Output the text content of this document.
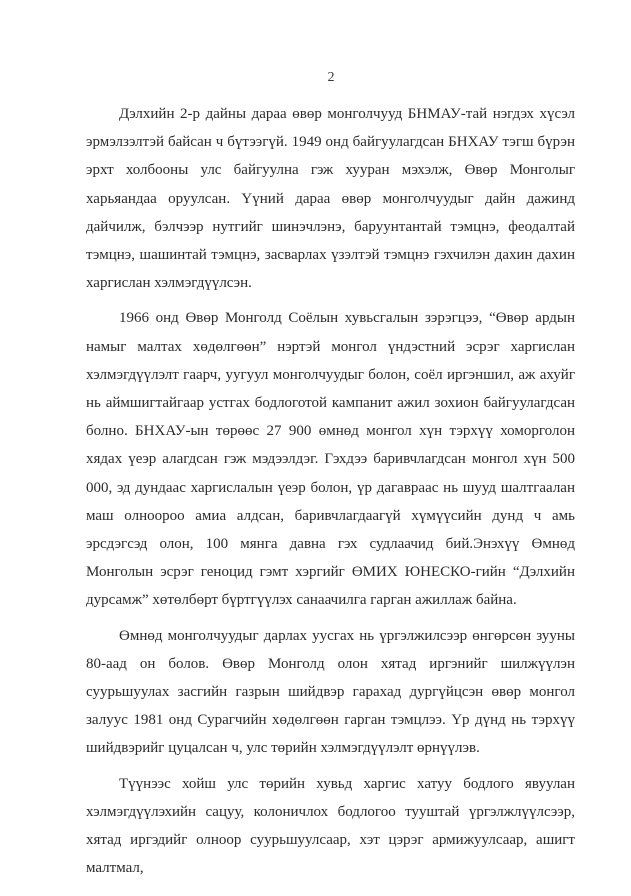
2

Дэлхийн 2-р дайны дараа өвөр монголчууд БНМАУ-тай нэгдэх хүсэл эрмэлзэлтэй байсан ч бүтээгүй. 1949 онд байгуулагдсан БНХАУ тэгш бүрэн эрхт холбооны улс байгуулна гэж хууран мэхэлж, Өвөр Монголыг харьяандаа оруулсан. Үүний дараа өвөр монголчуудыг дайн дажинд дайчилж, бэлчээр нутгийг шинэчлэнэ, баруунтантай тэмцнэ, феодалтай тэмцнэ, шашинтай тэмцнэ, засварлах үзэлтэй тэмцнэ гэхчилэн дахин дахин харгислан хэлмэгдүүлсэн.

1966 онд Өвөр Монголд Соёлын хувьсгалын зэрэгцээ, “Өвөр ардын намыг малтах хөдөлгөөн” нэртэй монгол үндэстний эсрэг харгислан хэлмэгдүүлэлт гаарч, уугуул монголчуудыг болон, соёл иргэншил, аж ахуйг нь аймшигтайгаар устгах бодлоготой кампанит ажил зохион байгуулагдсан болно. БНХАУ-ын төрөөс 27 900 өмнөд монгол хүн тэрхүү хоморголон хядах үеэр алагдсан гэж мэдээлдэг. Гэхдээ баривчлагдсан монгол хүн 500 000, эд дундаас харгислалын үеэр болон, үр дагавраас нь шууд шалтгаалан маш олноороо амиа алдсан, баривчлагдаагүй хүмүүсийн дунд ч амь эрсдэгсэд олон, 100 мянга давна гэх судлаачид бий.Энэхүү Өмнөд Монголын эсрэг геноцид гэмт хэргийг ӨМИХ ЮНЕСКО-гийн “Дэлхийн дурсамж” хөтөлбөрт бүртгүүлэх санаачилга гарган ажиллаж байна.

Өмнөд монголчуудыг дарлах уусгах нь үргэлжилсээр өнгөрсөн зууны 80-аад он болов. Өвөр Монголд олон хятад иргэнийг шилжүүлэн суурьшуулах засгийн газрын шийдвэр гарахад дургүйцсэн өвөр монгол залуус 1981 онд Сурагчийн хөдөлгөөн гарган тэмцлээ. Үр дүнд нь тэрхүү шийдвэрийг цуцалсан ч, улс төрийн хэлмэгдүүлэлт өрнүүлэв.

Түүнээс хойш улс төрийн хувьд харгис хатуу бодлого явуулан хэлмэгдүүлэхийн сацуу, колоничлох бодлогоо тууштай үргэлжлүүлсээр, хятад иргэдийг олноор суурьшуулсаар, хэт цэрэг армижуулсаар, ашигт малтмал,
